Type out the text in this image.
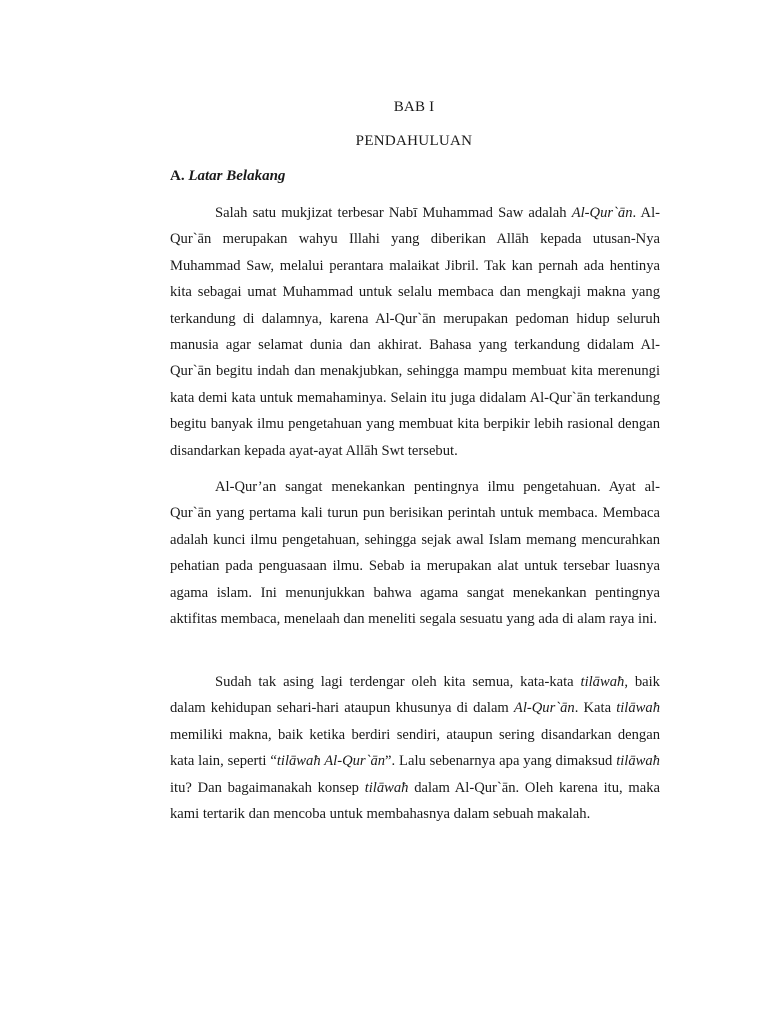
BAB I
PENDAHULUAN
A. Latar Belakang

Salah satu mukjizat terbesar Nabī Muhammad Saw adalah Al-Qur`ān. Al-Qur`ān merupakan wahyu Illahi yang diberikan Allāh kepada utusan-Nya Muhammad Saw, melalui perantara malaikat Jibril. Tak kan pernah ada hentinya kita sebagai umat Muhammad untuk selalu membaca dan mengkaji makna yang terkandung di dalamnya, karena Al-Qur`ān merupakan pedoman hidup seluruh manusia agar selamat dunia dan akhirat. Bahasa yang terkandung didalam Al-Qur`ān begitu indah dan menakjubkan, sehingga mampu membuat kita merenungi kata demi kata untuk memahaminya. Selain itu juga didalam Al-Qur`ān terkandung begitu banyak ilmu pengetahuan yang membuat kita berpikir lebih rasional dengan disandarkan kepada ayat-ayat Allāh Swt tersebut.

Al-Qur’an sangat menekankan pentingnya ilmu pengetahuan. Ayat al-Qur`ān yang pertama kali turun pun berisikan perintah untuk membaca. Membaca adalah kunci ilmu pengetahuan, sehingga sejak awal Islam memang mencurahkan pehatian pada penguasaan ilmu. Sebab ia merupakan alat untuk tersebar luasnya agama islam. Ini menunjukkan bahwa agama sangat menekankan pentingnya aktifitas membaca, menelaah dan meneliti segala sesuatu yang ada di alam raya ini.

Sudah tak asing lagi terdengar oleh kita semua, kata-kata tilāwaħ, baik dalam kehidupan sehari-hari ataupun khusunya di dalam Al-Qur`ān. Kata tilāwaħ memiliki makna, baik ketika berdiri sendiri, ataupun sering disandarkan dengan kata lain, seperti “tilāwaħ Al-Qur`ān”. Lalu sebenarnya apa yang dimaksud tilāwaħ itu? Dan bagaimanakah konsep tilāwaħ dalam Al-Qur`ān. Oleh karena itu, maka kami tertarik dan mencoba untuk membahasnya dalam sebuah makalah.
